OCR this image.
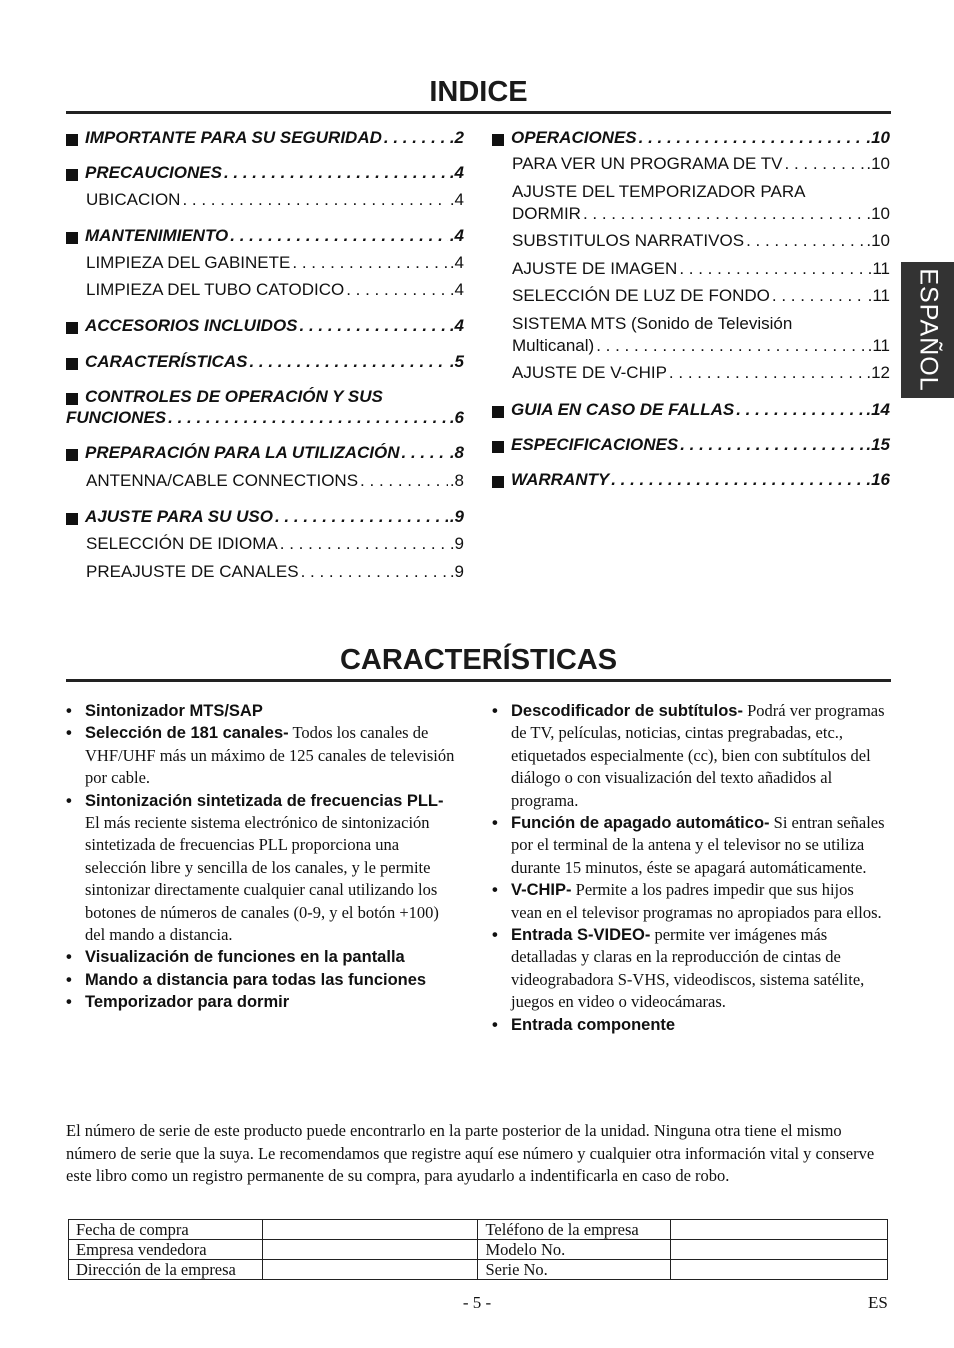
INDICE
IMPORTANTE PARA SU SEGURIDAD . . .	.2
PRECAUCIONES . . .	.4
UBICACION . . .	.4
MANTENIMIENTO . . .	.4
LIMPIEZA DEL GABINETE . . .	.4
LIMPIEZA DEL TUBO CATODICO . . .	.4
ACCESORIOS INCLUIDOS . . .	.4
CARACTERÍSTICAS . . .	.5
CONTROLES DE OPERACIÓN Y SUS
FUNCIONES . . .	.6
PREPARACIÓN PARA LA UTILIZACIÓN . . .	.8
ANTENNA/CABLE CONNECTIONS . . .	.8
AJUSTE PARA SU USO . . .	.9
SELECCIÓN DE IDIOMA . . .	.9
PREAJUSTE DE CANALES . . .	.9
OPERACIONES . . .	.10
PARA VER UN PROGRAMA DE TV . . .	.10
AJUSTE DEL TEMPORIZADOR PARA
DORMIR . . .	.10
SUBSTITULOS NARRATIVOS . . .	.10
AJUSTE DE IMAGEN . . .	.11
SELECCIÓN DE LUZ DE FONDO . . .	.11
SISTEMA MTS (Sonido de Televisión
Multicanal) . . .	.11
AJUSTE DE V-CHIP . . .	.12
GUIA EN CASO DE FALLAS . . .	.14
ESPECIFICACIONES . . .	.15
WARRANTY . . .	.16
ESPAÑOL
CARACTERÍSTICAS
• Sintonizador MTS/SAP
• Selección de 181 canales- Todos los canales de VHF/UHF más un máximo de 125 canales de televisión por cable.
• Sintonización sintetizada de frecuencias PLL- El más reciente sistema electrónico de sintonización sintetizada de frecuencias PLL proporciona una selección libre y sencilla de los canales, y le permite sintonizar directamente cualquier canal utilizando los botones de números de canales (0-9, y el botón +100) del mando a distancia.
• Visualización de funciones en la pantalla
• Mando a distancia para todas las funciones
• Temporizador para dormir
• Descodificador de subtítulos- Podrá ver programas de TV, películas, noticias, cintas pregrabadas, etc., etiquetados especialmente (cc), bien con subtítulos del diálogo o con visualización del texto añadidos al programa.
• Función de apagado automático- Si entran señales por el terminal de la antena y el televisor no se utiliza durante 15 minutos, éste se apagará automáticamente.
• V-CHIP- Permite a los padres impedir que sus hijos vean en el televisor programas no apropiados para ellos.
• Entrada S-VIDEO- permite ver imágenes más detalladas y claras en la reproducción de cintas de videograbadora S-VHS, videodiscos, sistema satélite, juegos en video o videocámaras.
• Entrada componente
El número de serie de este producto puede encontrarlo en la parte posterior de la unidad. Ninguna otra tiene el mismo número de serie que la suya. Le recomendamos que registre aquí ese número y cualquier otra información vital y conserve este libro como un registro permanente de su compra, para ayudarlo a indentificarla en caso de robo.
Fecha de compra		Teléfono de la empresa	
Empresa vendedora		Modelo No.	
Dirección de la empresa		Serie No.	
- 5 -	ES
